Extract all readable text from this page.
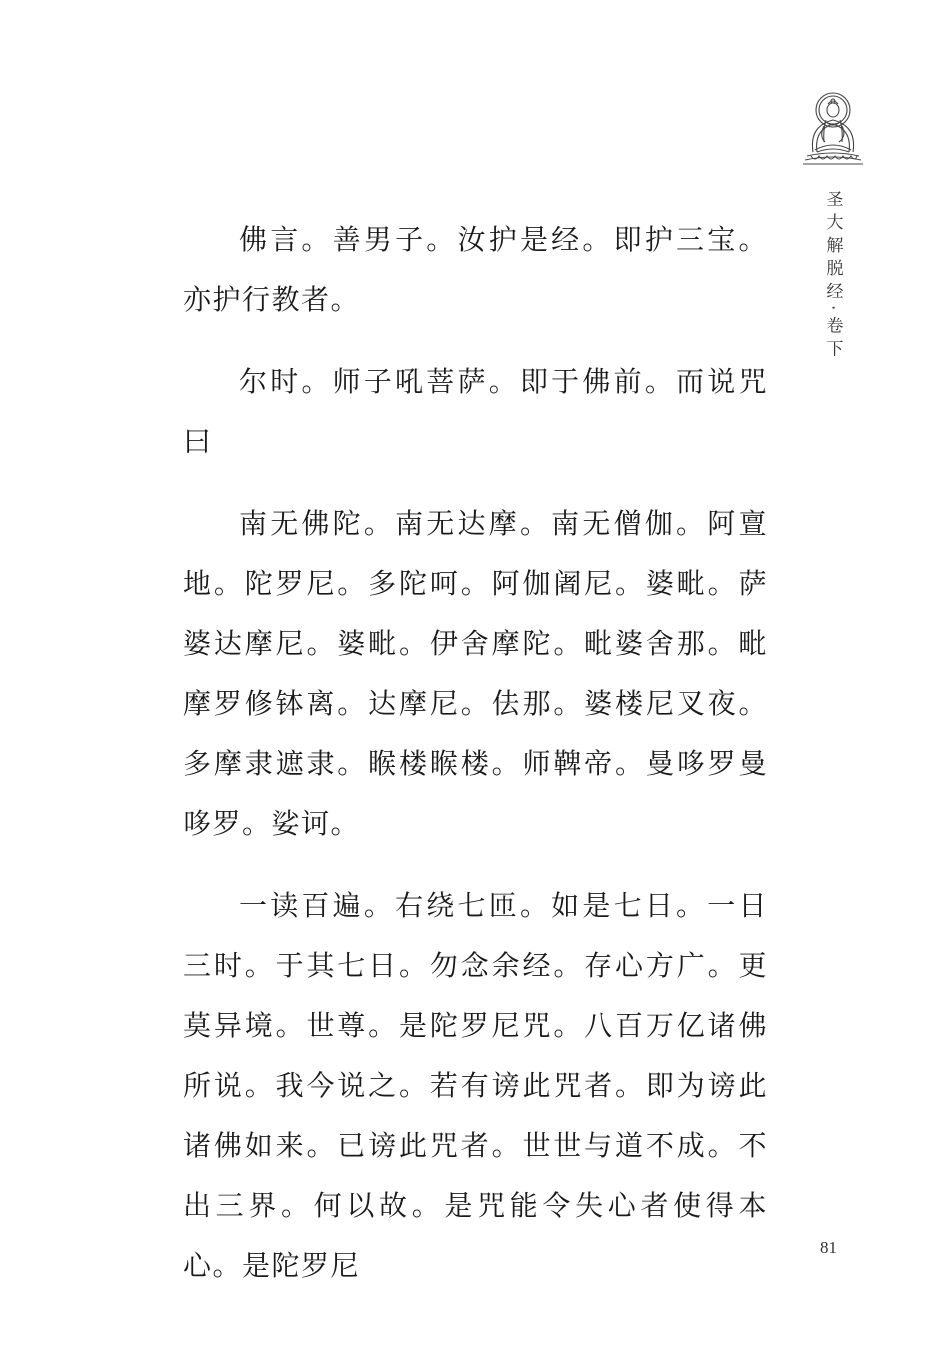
圣大解脱经·卷下

佛言。善男子。汝护是经。即护三宝。亦护行教者。

尔时。师子吼菩萨。即于佛前。而说咒曰

南无佛陀。南无达摩。南无僧伽。阿亶地。陀罗尼。多陀呵。阿伽阇尼。婆毗。萨婆达摩尼。婆毗。伊舍摩陀。毗婆舍那。毗摩罗修钵离。达摩尼。佉那。婆楼尼叉夜。多摩隶遮隶。睺楼睺楼。师鞞帝。曼哆罗曼哆罗。娑诃。

一读百遍。右绕七匝。如是七日。一日三时。于其七日。勿念余经。存心方广。更莫异境。世尊。是陀罗尼咒。八百万亿诸佛所说。我今说之。若有谤此咒者。即为谤此诸佛如来。已谤此咒者。世世与道不成。不出三界。何以故。是咒能令失心者使得本心。是陀罗尼

81
